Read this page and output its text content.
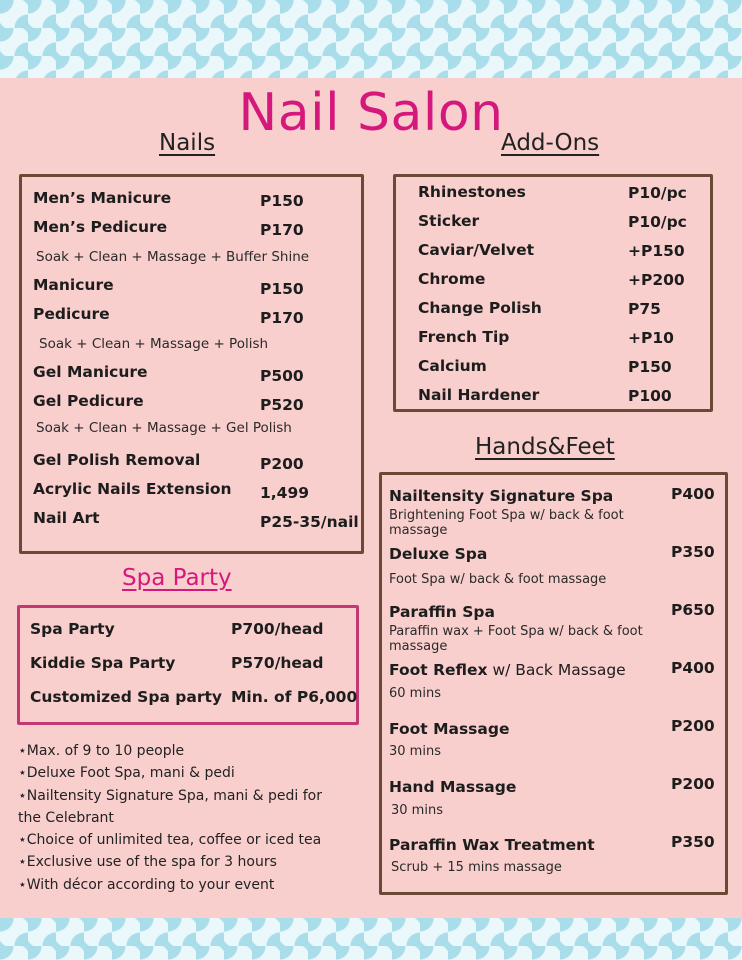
Nail Salon
Nails
Men’s Manicure	P150
Men’s Pedicure	P170
Soak + Clean + Massage + Buffer Shine
Manicure	P150
Pedicure	P170
Soak + Clean + Massage + Polish
Gel Manicure	P500
Gel Pedicure	P520
Soak + Clean + Massage + Gel Polish
Gel Polish Removal	P200
Acrylic Nails Extension 1,499
Nail Art	P25-35/nail
Add-Ons
Rhinestones	P10/pc
Sticker	P10/pc
Caviar/Velvet	+P150
Chrome	+P200
Change Polish	P75
French Tip	+P10
Calcium	P150
Nail Hardener	P100
Spa Party
Spa Party	P700/head
Kiddie Spa Party	P570/head
Customized Spa party Min. of P6,000
⋆Max. of 9 to 10 people
⋆Deluxe Foot Spa, mani & pedi
⋆Nailtensity Signature Spa, mani & pedi for the Celebrant
⋆Choice of unlimited tea, coffee or iced tea
⋆Exclusive use of the spa for 3 hours
⋆With décor according to your event
Hands&Feet
Nailtensity Signature Spa	P400
Brightening Foot Spa w/ back & foot massage
Deluxe Spa	P350
Foot Spa w/ back & foot massage
Paraffin Spa	P650
Paraffin wax + Foot Spa w/ back & foot massage
Foot Reflex w/ Back Massage	P400
60 mins
Foot Massage	P200
30 mins
Hand Massage	P200
30 mins
Paraffin Wax Treatment	P350
Scrub + 15 mins massage
